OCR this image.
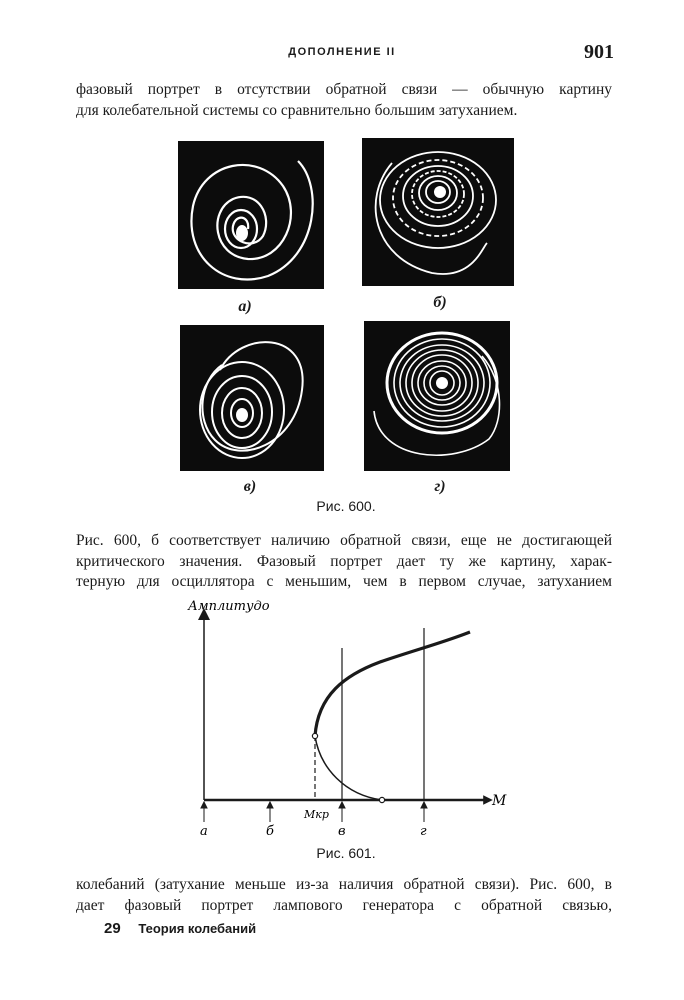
ДОПОЛНЕНИЕ II	901
фазовый портрет в отсутствии обратной связи — обычную картину
для колебательной системы со сравнительно большим затуханием.
а)	б)
в)	г)
Рис. 600.
Рис. 600, б соответствует наличию обратной связи, еще не достигающей
критического значения. Фазовый портрет дает ту же картину, харак-
терную для осциллятора с меньшим, чем в первом случае, затуханием
Амплитудо
M
а	б	в	г
Mкр
Рис. 601.
колебаний (затухание меньше из-за наличия обратной связи). Рис. 600, в
дает фазовый портрет лампового генератора с обратной связью,
29 Теория колебаний
